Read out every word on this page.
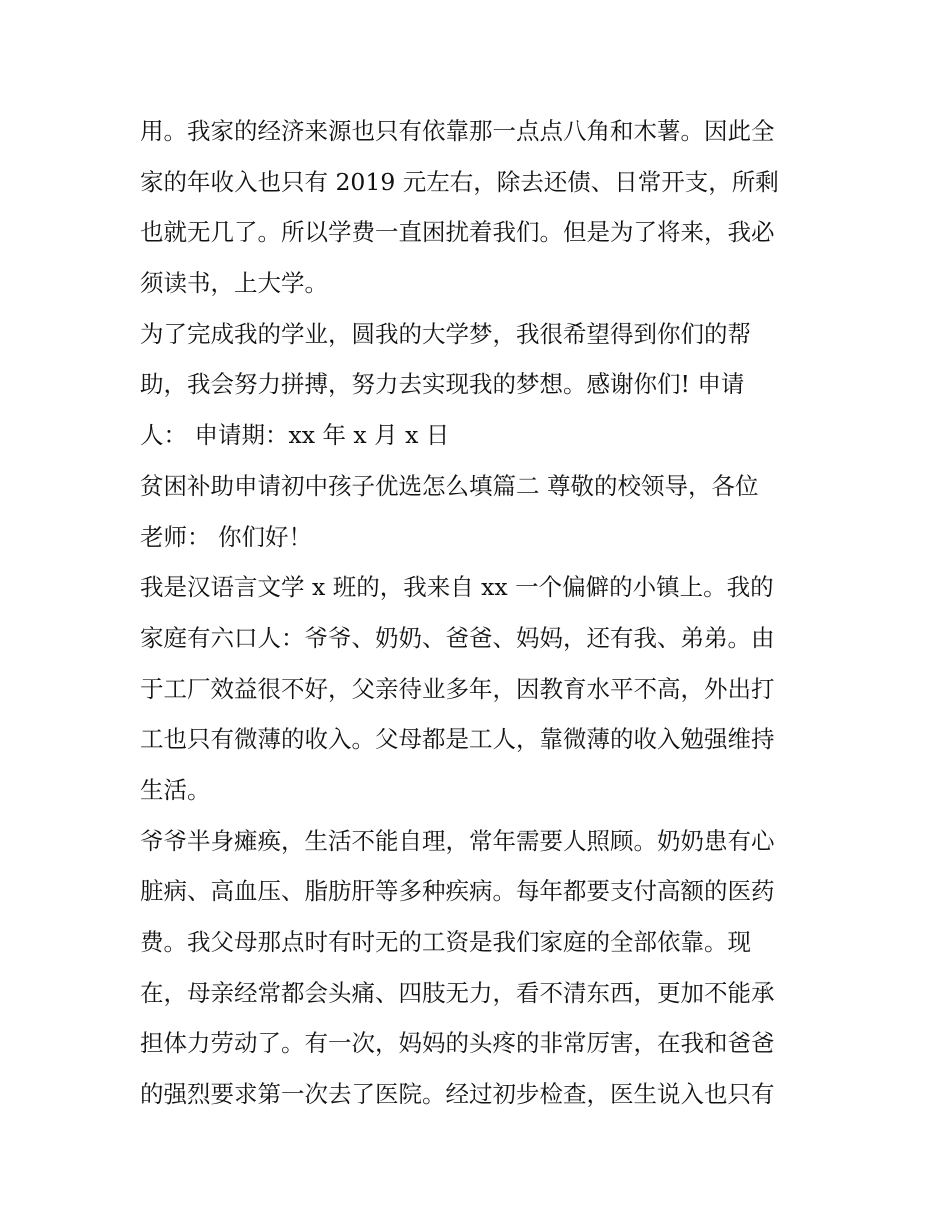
用。我家的经济来源也只有依靠那一点点八角和木薯。因此全
家的年收入也只有 2019 元左右，除去还债、日常开支，所剩
也就无几了。所以学费一直困扰着我们。但是为了将来，我必
须读书，上大学。
为了完成我的学业，圆我的大学梦，我很希望得到你们的帮
助，我会努力拼搏，努力去实现我的梦想。感谢你们! 申请
人： 申请期：xx 年 x 月 x 日
贫困补助申请初中孩子优选怎么填篇二 尊敬的校领导，各位
老师： 你们好！
我是汉语言文学 x 班的，我来自 xx 一个偏僻的小镇上。我的
家庭有六口人：爷爷、奶奶、爸爸、妈妈，还有我、弟弟。由
于工厂效益很不好，父亲待业多年，因教育水平不高，外出打
工也只有微薄的收入。父母都是工人，靠微薄的收入勉强维持
生活。
爷爷半身瘫痪，生活不能自理，常年需要人照顾。奶奶患有心
脏病、高血压、脂肪肝等多种疾病。每年都要支付高额的医药
费。我父母那点时有时无的工资是我们家庭的全部依靠。现
在，母亲经常都会头痛、四肢无力，看不清东西，更加不能承
担体力劳动了。有一次，妈妈的头疼的非常厉害，在我和爸爸
的强烈要求第一次去了医院。经过初步检查，医生说入也只有
